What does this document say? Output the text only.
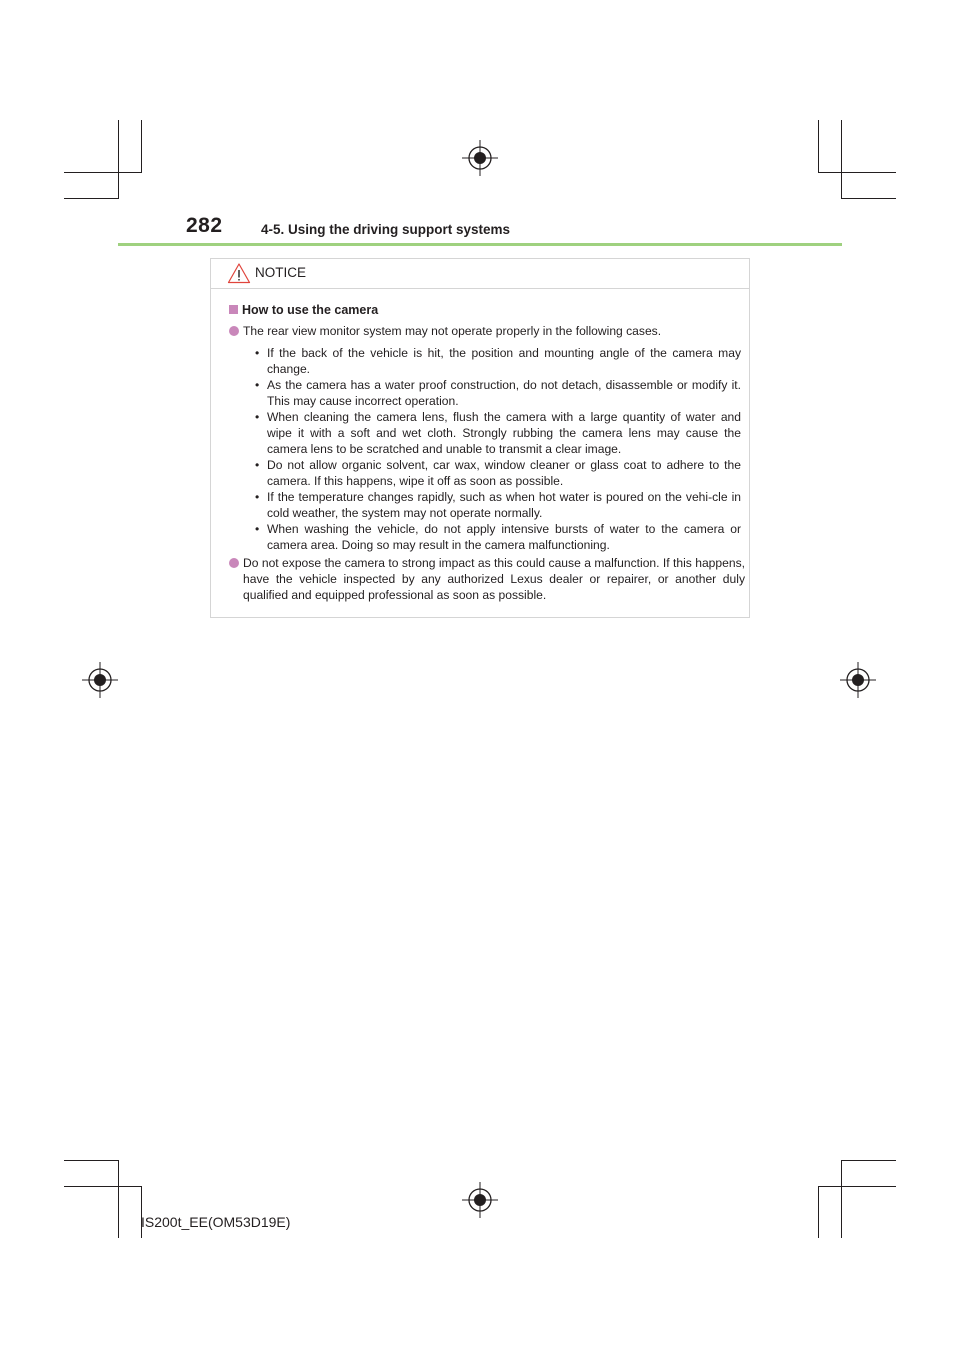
282	4-5. Using the driving support systems
NOTICE
How to use the camera
The rear view monitor system may not operate properly in the following cases.
• If the back of the vehicle is hit, the position and mounting angle of the camera may change.
• As the camera has a water proof construction, do not detach, disassemble or modify it. This may cause incorrect operation.
• When cleaning the camera lens, flush the camera with a large quantity of water and wipe it with a soft and wet cloth. Strongly rubbing the camera lens may cause the camera lens to be scratched and unable to transmit a clear image.
• Do not allow organic solvent, car wax, window cleaner or glass coat to adhere to the camera. If this happens, wipe it off as soon as possible.
• If the temperature changes rapidly, such as when hot water is poured on the vehi-cle in cold weather, the system may not operate normally.
• When washing the vehicle, do not apply intensive bursts of water to the camera or camera area. Doing so may result in the camera malfunctioning.
Do not expose the camera to strong impact as this could cause a malfunction. If this happens, have the vehicle inspected by any authorized Lexus dealer or repairer, or another duly qualified and equipped professional as soon as possible.
IS200t_EE(OM53D19E)
